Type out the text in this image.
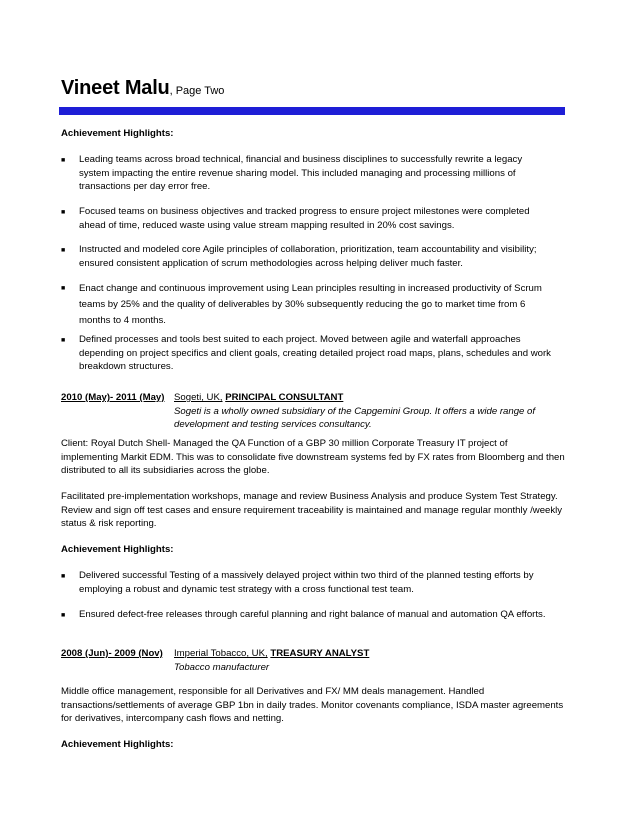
Vineet Malu, Page Two
Achievement Highlights:
■ Leading teams across broad technical, financial and business disciplines to successfully rewrite a legacy system impacting the entire revenue sharing model. This included managing and processing millions of transactions per day error free.
■ Focused teams on business objectives and tracked progress to ensure project milestones were completed ahead of time, reduced waste using value stream mapping resulted in 20% cost savings.
■ Instructed and modeled core Agile principles of collaboration, prioritization, team accountability and visibility; ensured consistent application of scrum methodologies across helping deliver much faster.
■ Enact change and continuous improvement using Lean principles resulting in increased productivity of Scrum teams by 25% and the quality of deliverables by 30% subsequently reducing the go to market time from 6 months to 4 months.
■ Defined processes and tools best suited to each project. Moved between agile and waterfall approaches depending on project specifics and client goals, creating detailed project road maps, plans, schedules and work breakdown structures.
2010 (May)- 2011 (May) Sogeti, UK, PRINCIPAL CONSULTANT
Sogeti is a wholly owned subsidiary of the Capgemini Group. It offers a wide range of development and testing services consultancy.
Client: Royal Dutch Shell- Managed the QA Function of a GBP 30 million Corporate Treasury IT project of implementing Markit EDM. This was to consolidate five downstream systems fed by FX rates from Bloomberg and then distributed to all its subsidiaries across the globe.
Facilitated pre-implementation workshops, manage and review Business Analysis and produce System Test Strategy. Review and sign off test cases and ensure requirement traceability is maintained and manage regular monthly /weekly status & risk reporting.
Achievement Highlights:
■ Delivered successful Testing of a massively delayed project within two third of the planned testing efforts by employing a robust and dynamic test strategy with a cross functional test team.
■ Ensured defect-free releases through careful planning and right balance of manual and automation QA efforts.
2008 (Jun)- 2009 (Nov) Imperial Tobacco, UK, TREASURY ANALYST
Tobacco manufacturer
Middle office management, responsible for all Derivatives and FX/ MM deals management. Handled transactions/settlements of average GBP 1bn in daily trades. Monitor covenants compliance, ISDA master agreements for derivatives, intercompany cash flows and netting.
Achievement Highlights:
